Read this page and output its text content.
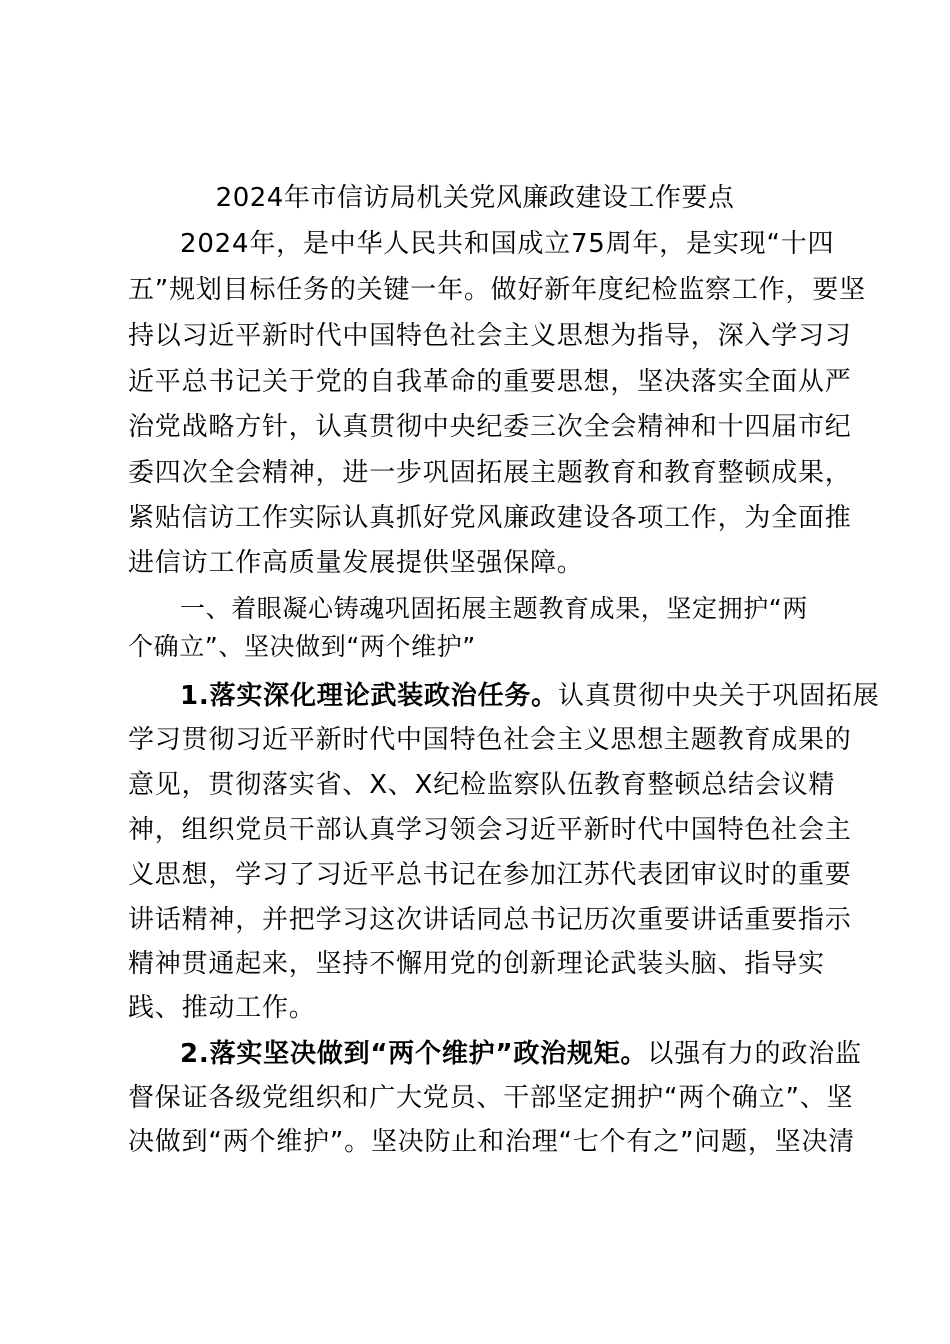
2024年市信访局机关党风廉政建设工作要点
2024年，是中华人民共和国成立75周年，是实现“十四
五”规划目标任务的关键一年。做好新年度纪检监察工作，要坚
持以习近平新时代中国特色社会主义思想为指导，深入学习习
近平总书记关于党的自我革命的重要思想，坚决落实全面从严
治党战略方针，认真贯彻中央纪委三次全会精神和十四届市纪
委四次全会精神，进一步巩固拓展主题教育和教育整顿成果，
紧贴信访工作实际认真抓好党风廉政建设各项工作，为全面推
进信访工作高质量发展提供坚强保障。
一、着眼凝心铸魂巩固拓展主题教育成果，坚定拥护“两
个确立”、坚决做到“两个维护”
1.落实深化理论武装政治任务。认真贯彻中央关于巩固拓展
学习贯彻习近平新时代中国特色社会主义思想主题教育成果的
意见，贯彻落实省、X、X纪检监察队伍教育整顿总结会议精
神，组织党员干部认真学习领会习近平新时代中国特色社会主
义思想，学习了习近平总书记在参加江苏代表团审议时的重要
讲话精神，并把学习这次讲话同总书记历次重要讲话重要指示
精神贯通起来，坚持不懈用党的创新理论武装头脑、指导实
践、推动工作。
2.落实坚决做到“两个维护”政治规矩。以强有力的政治监
督保证各级党组织和广大党员、干部坚定拥护“两个确立”、坚
决做到“两个维护”。坚决防止和治理“七个有之”问题，坚决清
